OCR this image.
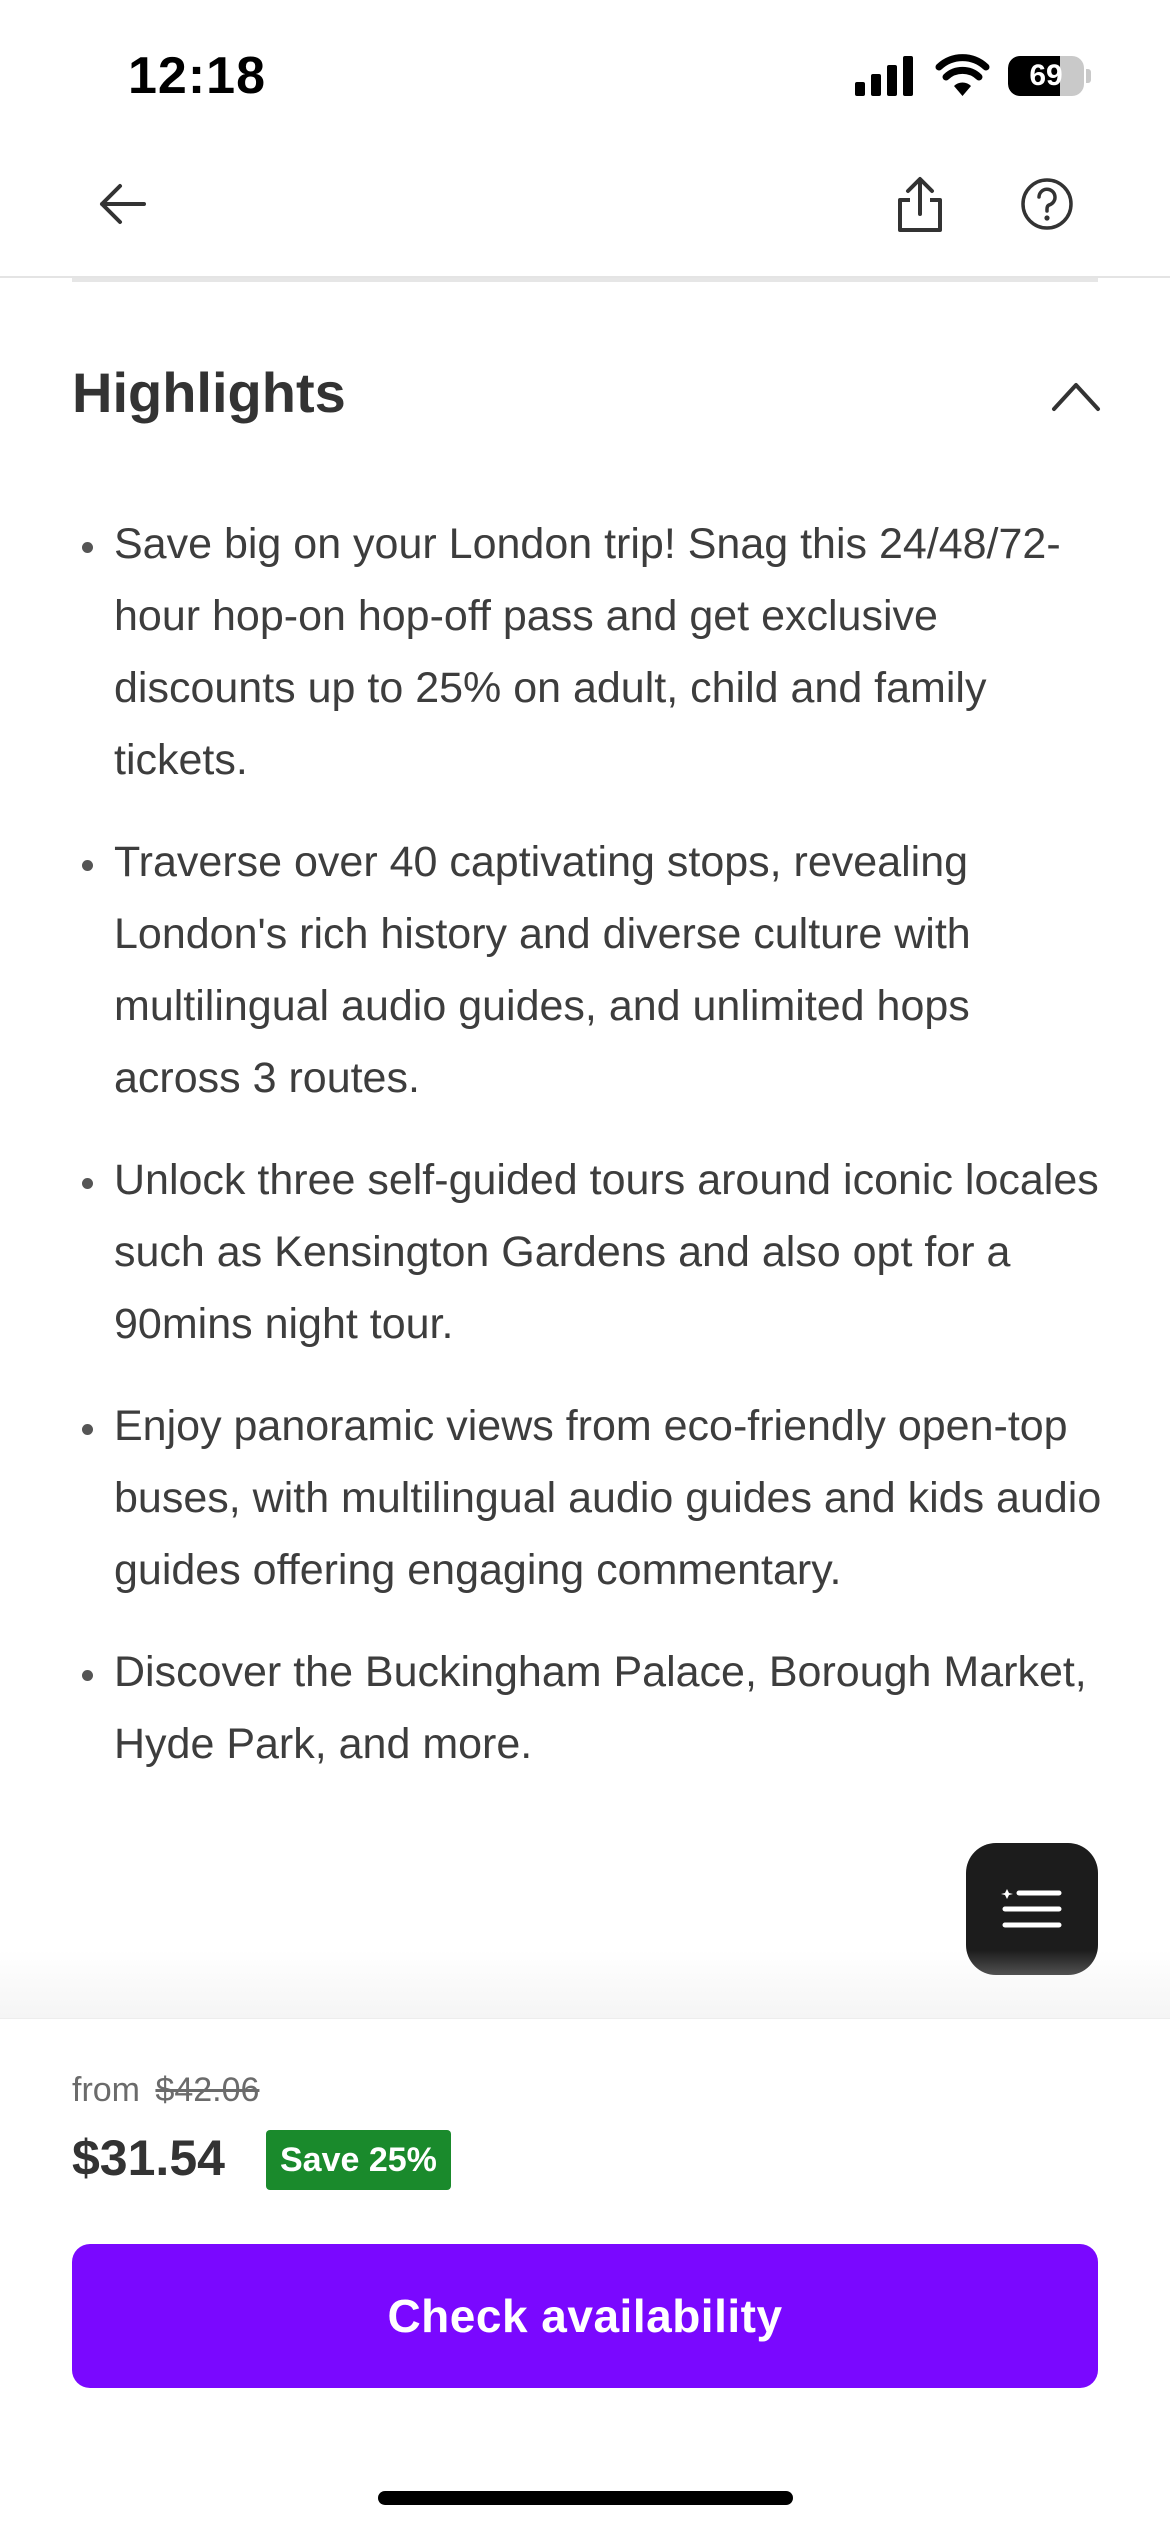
12:18	69
Highlights
Save big on your London trip! Snag this 24/48/72-hour hop-on hop-off pass and get exclusive discounts up to 25% on adult, child and family tickets.
Traverse over 40 captivating stops, revealing London's rich history and diverse culture with multilingual audio guides, and unlimited hops across 3 routes.
Unlock three self-guided tours around iconic locales such as Kensington Gardens and also opt for a 90mins night tour.
Enjoy panoramic views from eco-friendly open-top buses, with multilingual audio guides and kids audio guides offering engaging commentary.
Discover the Buckingham Palace, Borough Market, Hyde Park, and more.
from $42.06
$31.54	Save 25%
Check availability
